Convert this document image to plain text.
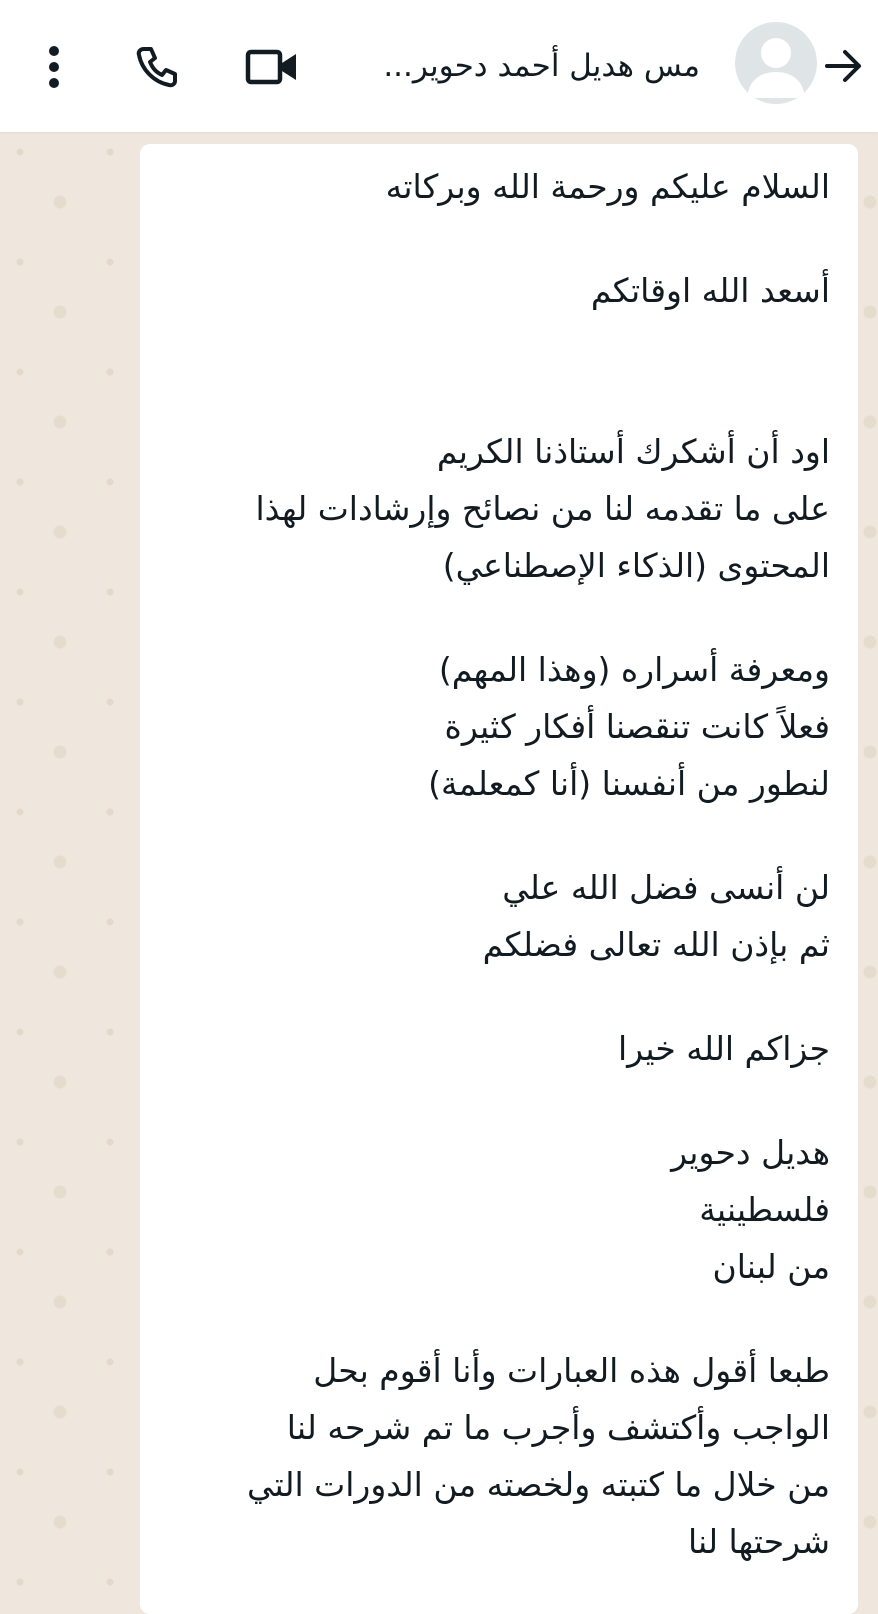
مس هديل أحمد دحوير...
السلام عليكم ورحمة الله وبركاته
أسعد الله اوقاتكم
اود أن أشكرك أستاذنا الكريم
على ما تقدمه لنا من نصائح وإرشادات لهذا
المحتوى (الذكاء الإصطناعي)
ومعرفة أسراره (وهذا المهم)
فعلاً كانت تنقصنا أفكار كثيرة
لنطور من أنفسنا (أنا كمعلمة)
لن أنسى فضل الله علي
ثم بإذن الله تعالى فضلكم
جزاكم الله خيرا
هديل دحوير
فلسطينية
من لبنان
طبعا أقول هذه العبارات وأنا أقوم بحل
الواجب وأكتشف وأجرب ما تم شرحه لنا
من خلال ما كتبته ولخصته من الدورات التي
شرحتها لنا
